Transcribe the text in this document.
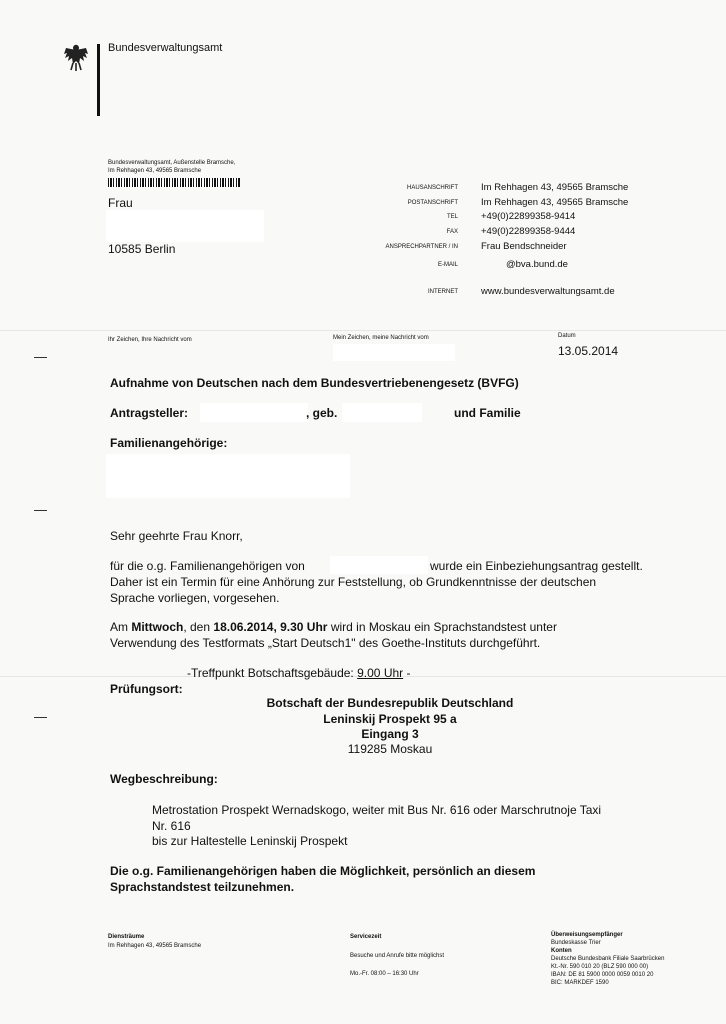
Bundesverwaltungsamt
Bundesverwaltungsamt, Außenstelle Bramsche,
Im Rehhagen 43, 49565 Bramsche
Frau
10585 Berlin
HAUSANSCHRIFT Im Rehhagen 43, 49565 Bramsche
POSTANSCHRIFT Im Rehhagen 43, 49565 Bramsche
TEL +49(0)22899358-9414
FAX +49(0)22899358-9444
ANSPRECHPARTNER / IN Frau Bendschneider
E-MAIL	@bva.bund.de
INTERNET www.bundesverwaltungsamt.de
Ihr Zeichen, Ihre Nachricht vom	Mein Zeichen, meine Nachricht vom	Datum
13.05.2014
Aufnahme von Deutschen nach dem Bundesvertriebenengesetz (BVFG)
Antragsteller:	, geb.	und Familie
Familienangehörige:
Sehr geehrte Frau Knorr,
für die o.g. Familienangehörigen von	wurde ein Einbeziehungsantrag gestellt.
Daher ist ein Termin für eine Anhörung zur Feststellung, ob Grundkenntnisse der deutschen
Sprache vorliegen, vorgesehen.
Am Mittwoch, den 18.06.2014, 9.30 Uhr wird in Moskau ein Sprachstandstest unter
Verwendung des Testformats „Start Deutsch1" des Goethe-Instituts durchgeführt.
-Treffpunkt Botschaftsgebäude: 9.00 Uhr -
Prüfungsort:
Botschaft der Bundesrepublik Deutschland
Leninskij Prospekt 95 a
Eingang 3
119285 Moskau
Wegbeschreibung:
Metrostation Prospekt Wernadskogo, weiter mit Bus Nr. 616 oder Marschrutnoje Taxi
Nr. 616
bis zur Haltestelle Leninskij Prospekt
Die o.g. Familienangehörigen haben die Möglichkeit, persönlich an diesem
Sprachstandstest teilzunehmen.
Diensträume
Im Rehhagen 43, 49565 Bramsche
Servicezeit
Besuche und Anrufe bitte möglichst
Mo.-Fr. 08:00 – 16:30 Uhr
Überweisungsempfänger
Bundeskasse Trier
Konten
Deutsche Bundesbank Filiale Saarbrücken
Kt.-Nr. 590 010 20 (BLZ 590 000 00)
IBAN: DE 81 5900 0000 0059 0010 20
BIC: MARKDEF 1590
